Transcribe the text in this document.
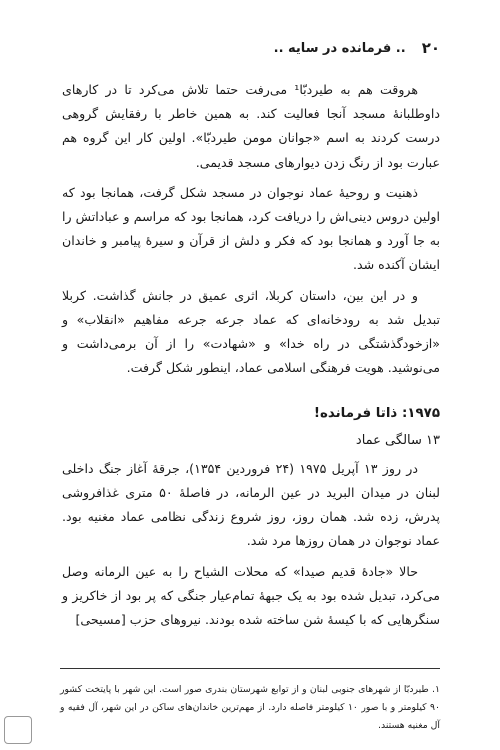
۲۰
.. فرمانده در سایه ..

هروقت هم به طیردبّا¹ می‌رفت حتما تلاش می‌کرد تا در کارهای داوطلبانهٔ مسجد آنجا فعالیت کند. به همین خاطر با رفقایش گروهی درست کردند به اسم «جوانان مومن طیردبّا». اولین کار این گروه هم عبارت بود از رنگ زدن دیوارهای مسجد قدیمی.

ذهنیت و روحیهٔ عماد نوجوان در مسجد شکل گرفت، همانجا بود که اولین دروس دینی‌اش را دریافت کرد، همانجا بود که مراسم و عباداتش را به جا آورد و همانجا بود که فکر و دلش از قرآن و سیرهٔ پیامبر و خاندان ایشان آکنده شد.

و در این بین، داستان کربلا، اثری عمیق در جانش گذاشت. کربلا تبدیل شد به رودخانه‌ای که عماد جرعه جرعه مفاهیم «انقلاب» و «ازخودگذشتگی در راه خدا» و «شهادت» را از آن برمی‌داشت و می‌نوشید. هویت فرهنگی اسلامی عماد، اینطور شکل گرفت.

۱۹۷۵: ذاتا فرمانده!
۱۳ سالگی عماد

در روز ۱۳ آپریل ۱۹۷۵ (۲۴ فروردین ۱۳۵۴)، جرقهٔ آغاز جنگ داخلی لبنان در میدان البرید در عین الرمانه، در فاصلهٔ ۵۰ متری غذافروشی پدرش، زده شد. همان روز، روز شروع زندگی نظامی عماد مغنیه بود. عماد نوجوان در همان روزها مرد شد.

حالا «جادهٔ قدیم صیدا» که محلات الشیاح را به عین الرمانه وصل می‌کرد، تبدیل شده بود به یک جبههٔ تمام‌عیار جنگی که پر بود از خاکریز و سنگرهایی که با کیسهٔ شن ساخته شده بودند. نیروهای حزب [مسیحی]

۱. طیردبّا از شهرهای جنوبی لبنان و از توابع شهرستان بندری صور است. این شهر با پایتخت کشور ۹۰ کیلومتر و با صور ۱۰ کیلومتر فاصله دارد. از مهم‌ترین خاندان‌های ساکن در این شهر، آل فقیه و آل مغنیه هستند.
